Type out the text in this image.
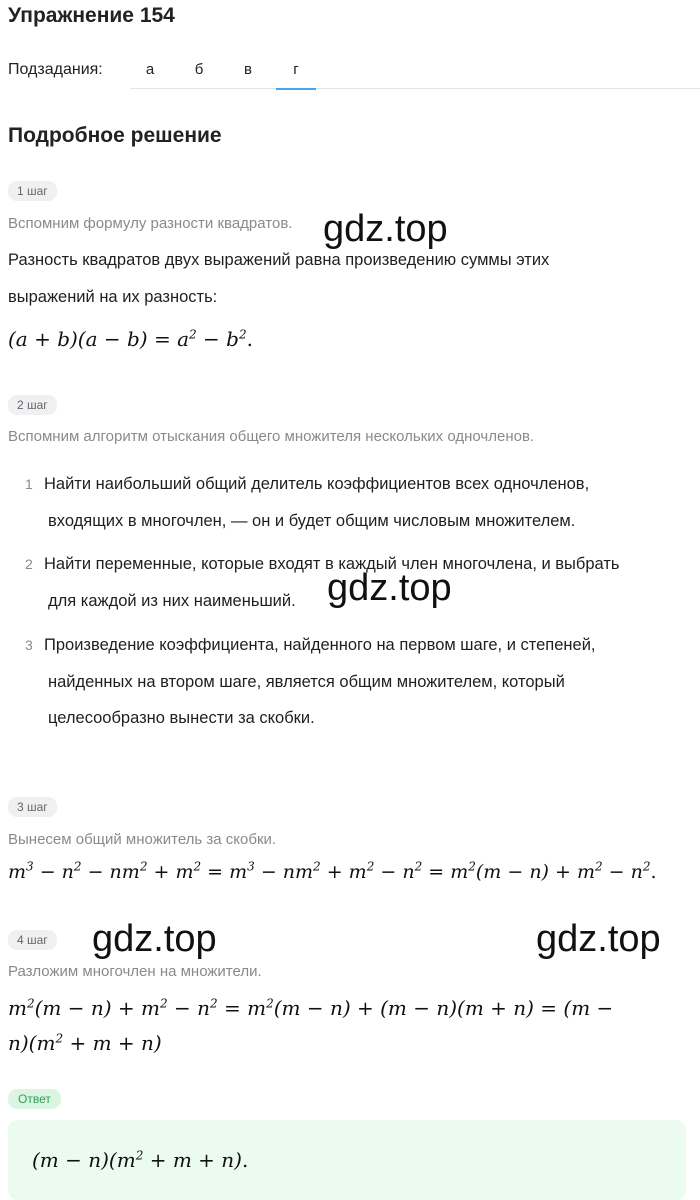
Упражнение 154
Подзадания:	а	б	в	г
Подробное решение
1 шаг
Вспомним формулу разности квадратов.
Разность квадратов двух выражений равна произведению суммы этих
выражений на их разность:
$(a + b)(a - b) = a^2 - b^2$.
2 шаг
Вспомним алгоритм отыскания общего множителя нескольких одночленов.
1 Найти наибольший общий делитель коэффициентов всех одночленов,
входящих в многочлен, — он и будет общим числовым множителем.
2 Найти переменные, которые входят в каждый член многочлена, и выбрать
для каждой из них наименьший.
3 Произведение коэффициента, найденного на первом шаге, и степеней,
найденных на втором шаге, является общим множителем, который
целесообразно вынести за скобки.
3 шаг
Вынесем общий множитель за скобки.
$m^3 - n^2 - nm^2 + m^2 = m^3 - nm^2 + m^2 - n^2 = m^2(m - n) + m^2 - n^2$.
4 шаг
Разложим многочлен на множители.
$m^2(m - n) + m^2 - n^2 = m^2(m - n) + (m - n)(m + n) = (m$ −
$n)(m^2 + m + n)$
Ответ
$(m - n)(m^2 + m + n)$.
gdz.top
gdz.top
gdz.top	gdz.top
